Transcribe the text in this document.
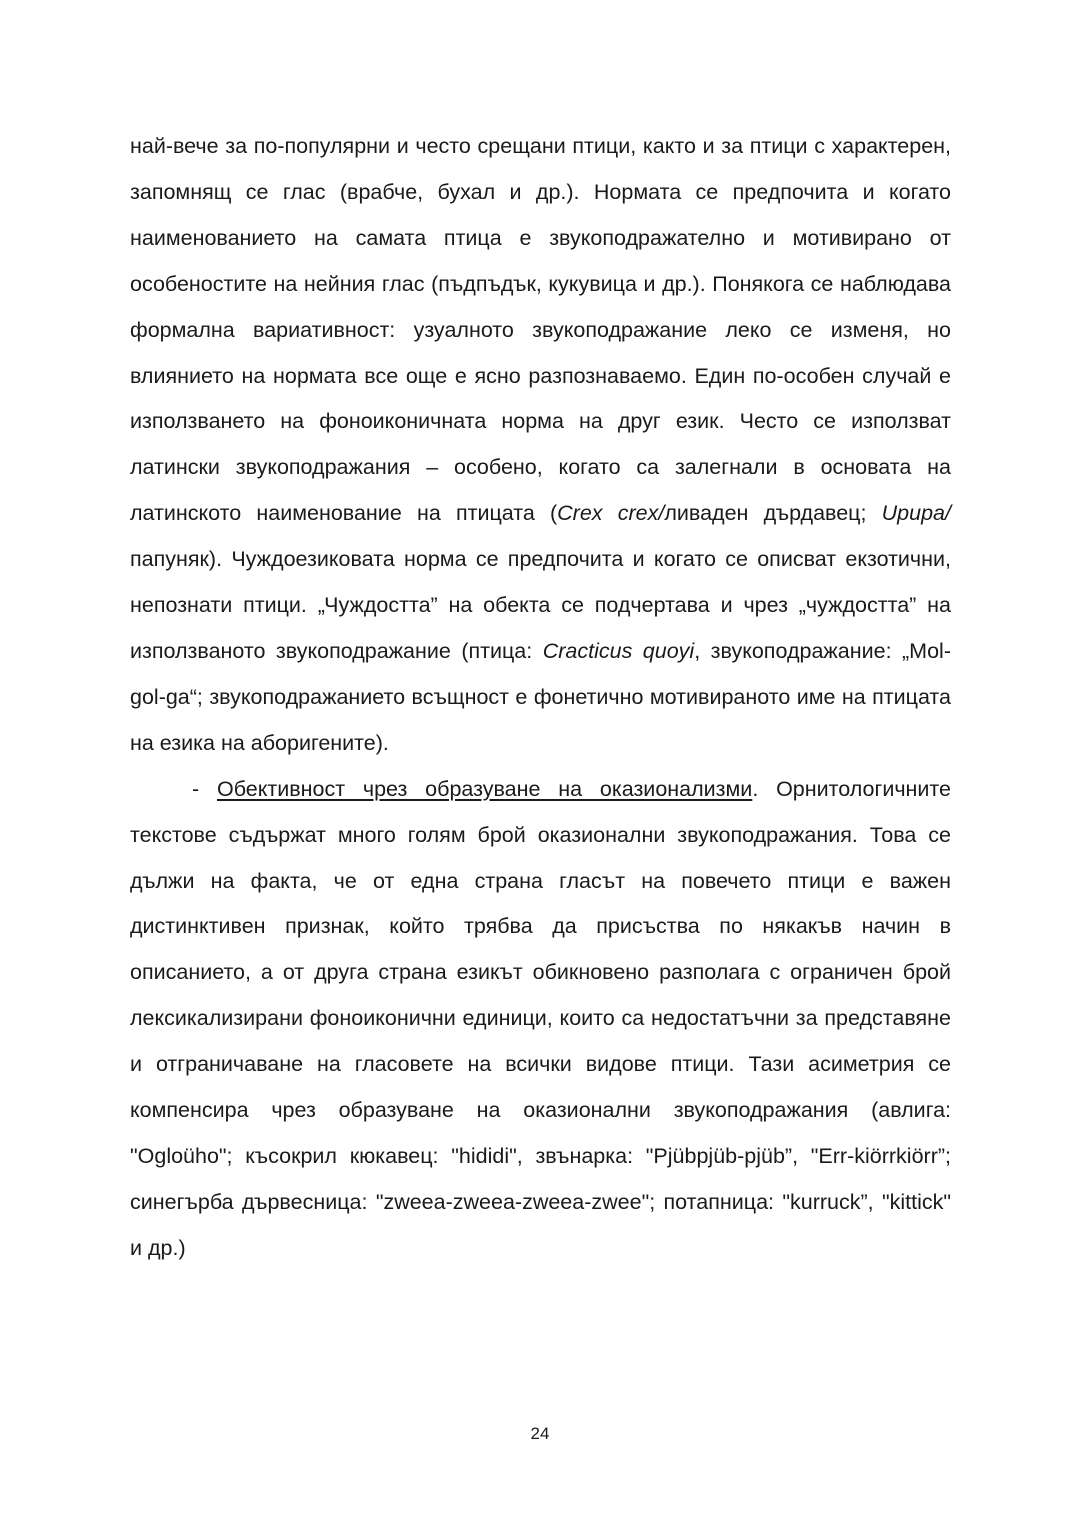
най-вече за по-популярни и често срещани птици, както и за птици с характерен, запомнящ се глас (врабче, бухал и др.). Нормата се предпочита и когато наименованието на самата птица е звукоподражателно и мотивирано от особеностите на нейния глас (пъдпъдък, кукувица и др.). Понякога се наблюдава формална вариативност: узуалното звукоподражание леко се изменя, но влиянието на нормата все още е ясно разпознаваемо. Един по-особен случай е използването на фоноиконичната норма на друг език. Често се използват латински звукоподражания – особено, когато са залегнали в основата на латинското наименование на птицата (Crex crex/ливаден дърдавец; Upupa/папуняк). Чуждоезиковата норма се предпочита и когато се описват екзотични, непознати птици. „Чуждостта” на обекта се подчертава и чрез „чуждостта” на използваното звукоподражание (птица: Cracticus quoyi, звукоподражание: „Mol-gol-ga“; звукоподражанието всъщност е фонетично мотивираното име на птицата на езика на аборигените).

- Обективност чрез образуване на оказионализми. Орнитологичните текстове съдържат много голям брой оказионални звукоподражания. Това се дължи на факта, че от една страна гласът на повечето птици е важен дистинктивен признак, който трябва да присъства по някакъв начин в описанието, а от друга страна езикът обикновено разполага с ограничен брой лексикализирани фоноиконични единици, които са недостатъчни за представяне и отграничаване на гласовете на всички видове птици. Тази асиметрия се компенсира чрез образуване на оказионални звукоподражания (авлига: "Ogloüho"; късокрил кюкавец: "hididi", звънарка: "Pjübpjüb-pjüb”, "Err-kiörrkiörr”; синегърба дървесница: "zweea-zweea-zweea-zwee"; потапница: "kurruck”, "kittick" и др.)

24
